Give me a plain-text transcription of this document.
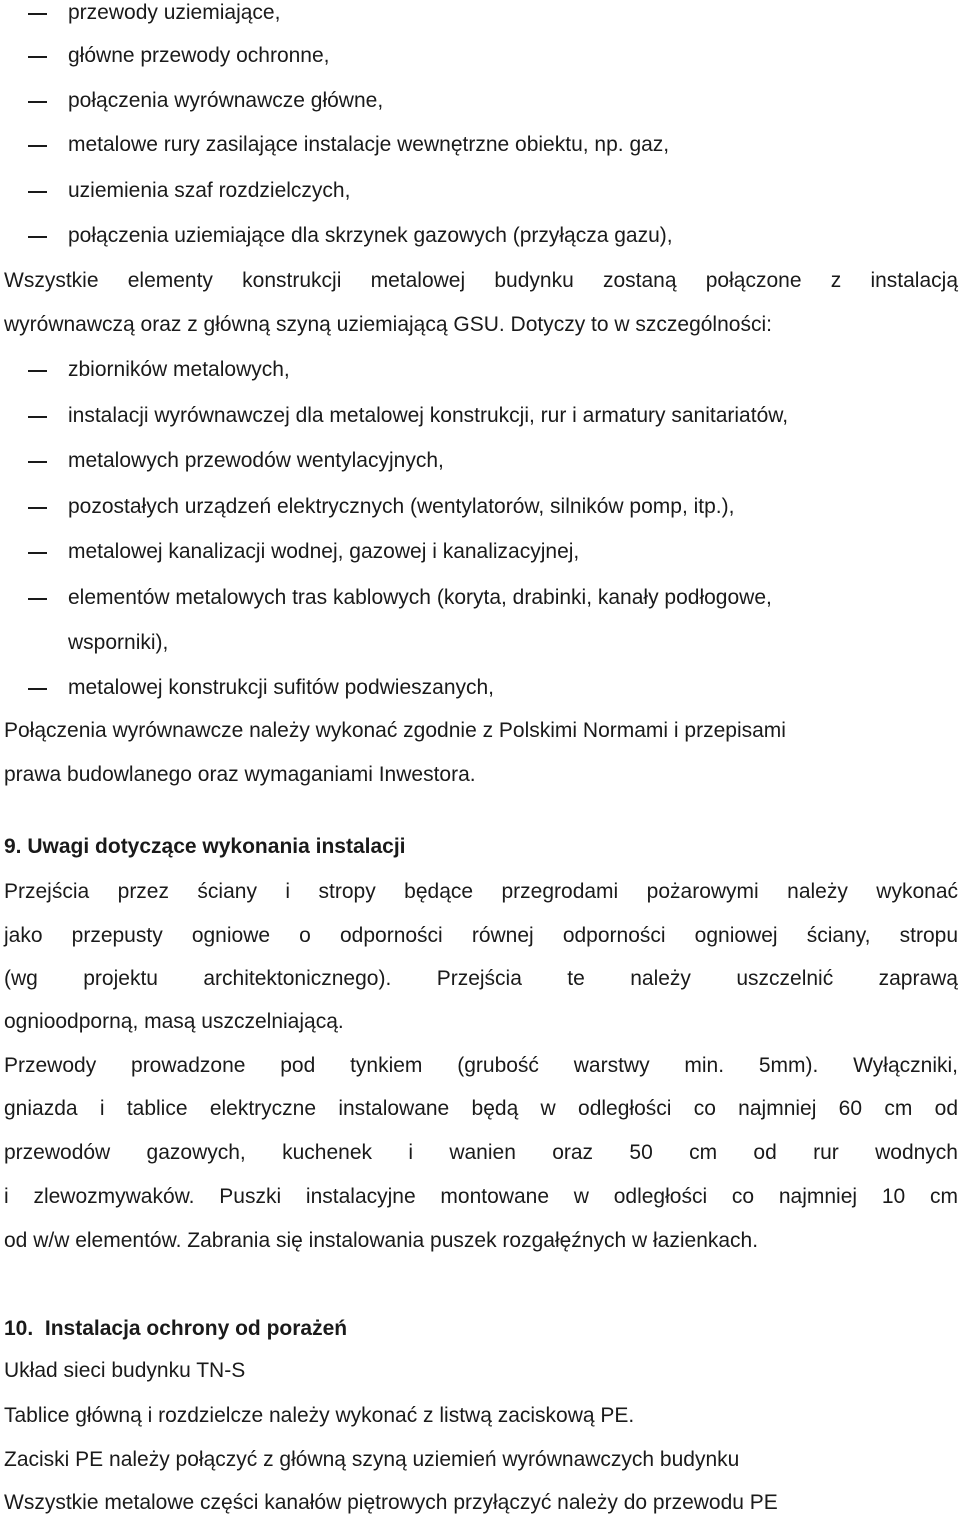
przewody uziemiające,
główne przewody ochronne,
połączenia wyrównawcze główne,
metalowe rury zasilające instalacje wewnętrzne obiektu, np. gaz,
uziemienia szaf rozdzielczych,
połączenia uziemiające dla skrzynek gazowych (przyłącza gazu),
Wszystkie elementy konstrukcji metalowej budynku zostaną połączone z instalacją
wyrównawczą oraz z główną szyną uziemiającą GSU. Dotyczy to w szczególności:
zbiorników metalowych,
instalacji wyrównawczej dla metalowej konstrukcji, rur i armatury sanitariatów,
metalowych przewodów wentylacyjnych,
pozostałych urządzeń elektrycznych (wentylatorów, silników pomp, itp.),
metalowej kanalizacji wodnej, gazowej i kanalizacyjnej,
elementów metalowych tras kablowych (koryta, drabinki, kanały podłogowe,
wsporniki),
metalowej konstrukcji sufitów podwieszanych,
Połączenia wyrównawcze należy wykonać zgodnie z Polskimi Normami i przepisami
prawa budowlanego oraz wymaganiami Inwestora.
9. Uwagi dotyczące wykonania instalacji
Przejścia przez ściany i stropy będące przegrodami pożarowymi należy wykonać
jako przepusty ogniowe o odporności równej odporności ogniowej ściany, stropu
(wg projektu architektonicznego). Przejścia te należy uszczelnić zaprawą
ognioodporną, masą uszczelniającą.
Przewody prowadzone pod tynkiem (grubość warstwy min. 5mm). Wyłączniki,
gniazda i tablice elektryczne instalowane będą w odległości co najmniej 60 cm od
przewodów gazowych, kuchenek i wanien oraz 50 cm od rur wodnych
i zlewozmywaków. Puszki instalacyjne montowane w odległości co najmniej 10 cm
od w/w elementów. Zabrania się instalowania puszek rozgałęźnych w łazienkach.
10. Instalacja ochrony od porażeń
Układ sieci budynku TN-S
Tablice główną i rozdzielcze należy wykonać z listwą zaciskową PE.
Zaciski PE należy połączyć z główną szyną uziemień wyrównawczych budynku
Wszystkie metalowe części kanałów piętrowych przyłączyć należy do przewodu PE
